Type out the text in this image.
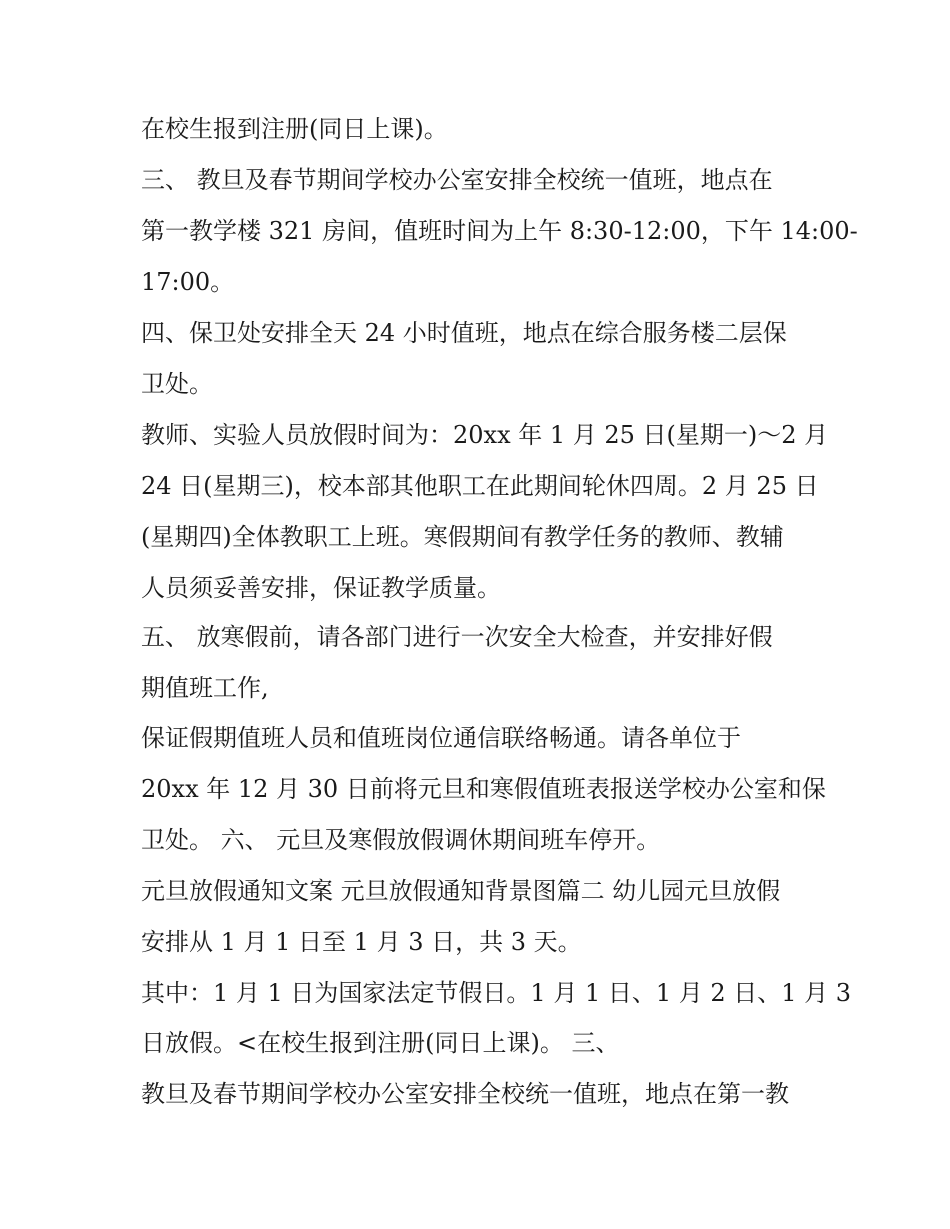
在校生报到注册(同日上课)。
三、 教旦及春节期间学校办公室安排全校统一值班，地点在
第一教学楼 321 房间，值班时间为上午 8:30-12:00，下午 14:00-
17:00。
四、保卫处安排全天 24 小时值班，地点在综合服务楼二层保
卫处。
教师、实验人员放假时间为：20xx 年 1 月 25 日(星期一)～2 月
24 日(星期三)，校本部其他职工在此期间轮休四周。2 月 25 日
(星期四)全体教职工上班。寒假期间有教学任务的教师、教辅
人员须妥善安排，保证教学质量。
五、 放寒假前，请各部门进行一次安全大检查，并安排好假
期值班工作,
保证假期值班人员和值班岗位通信联络畅通。请各单位于
20xx 年 12 月 30 日前将元旦和寒假值班表报送学校办公室和保
卫处。 六、 元旦及寒假放假调休期间班车停开。
元旦放假通知文案 元旦放假通知背景图篇二 幼儿园元旦放假
安排从 1 月 1 日至 1 月 3 日，共 3 天。
其中：1 月 1 日为国家法定节假日。1 月 1 日、1 月 2 日、1 月 3
日放假。<在校生报到注册(同日上课)。 三、
教旦及春节期间学校办公室安排全校统一值班，地点在第一教
